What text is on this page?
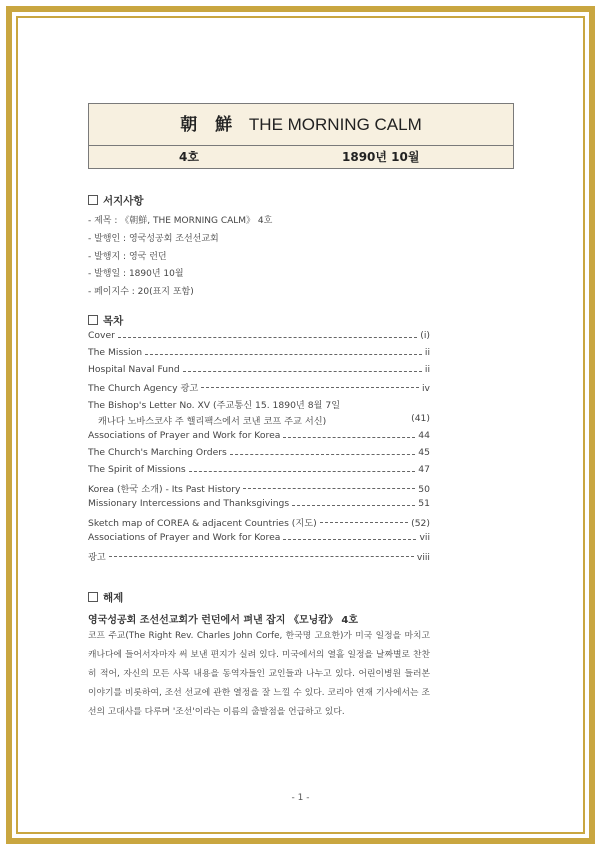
朝 鮮 THE MORNING CALM
4호	1890년 10월
서지사항
- 제목 : 《朝鮮, THE MORNING CALM》 4호
- 발행인 : 영국성공회 조선선교회
- 발행지 : 영국 런던
- 발행일 : 1890년 10월
- 페이지수 : 20(표지 포함)
목차
Cover	(i)
The Mission	ii
Hospital Naval Fund	ii
The Church Agency 광고	iv
The Bishop's Letter No. XV (주교통신 15. 1890년 8월 7일
캐나다 노바스코샤 주 핼리팩스에서 코낸 코프 주교 서신)	(41)
Associations of Prayer and Work for Korea	44
The Church's Marching Orders	45
The Spirit of Missions	47
Korea (한국 소개) - Its Past History	50
Missionary Intercessions and Thanksgivings	51
Sketch map of COREA & adjacent Countries (지도)	(52)
Associations of Prayer and Work for Korea	vii
광고	viii
해제
영국성공회 조선선교회가 런던에서 펴낸 잡지 《모닝캄》 4호
코프 주교(The Right Rev. Charles John Corfe, 한국명 고요한)가 미국 일정을 마치고 캐나다에 들어서자마자 써 보낸 편지가 실려 있다. 미국에서의 열흘 일정을 날짜별로 찬찬히 적어, 자신의 모든 사목 내용을 동역자들인 교인들과 나누고 있다. 어린이병원 들러본 이야기를 비롯하여, 조선 선교에 관한 열정을 잘 느낄 수 있다. 코리아 연재 기사에서는 조선의 고대사를 다루며 '조선'이라는 이름의 출발점을 언급하고 있다.
- 1 -
